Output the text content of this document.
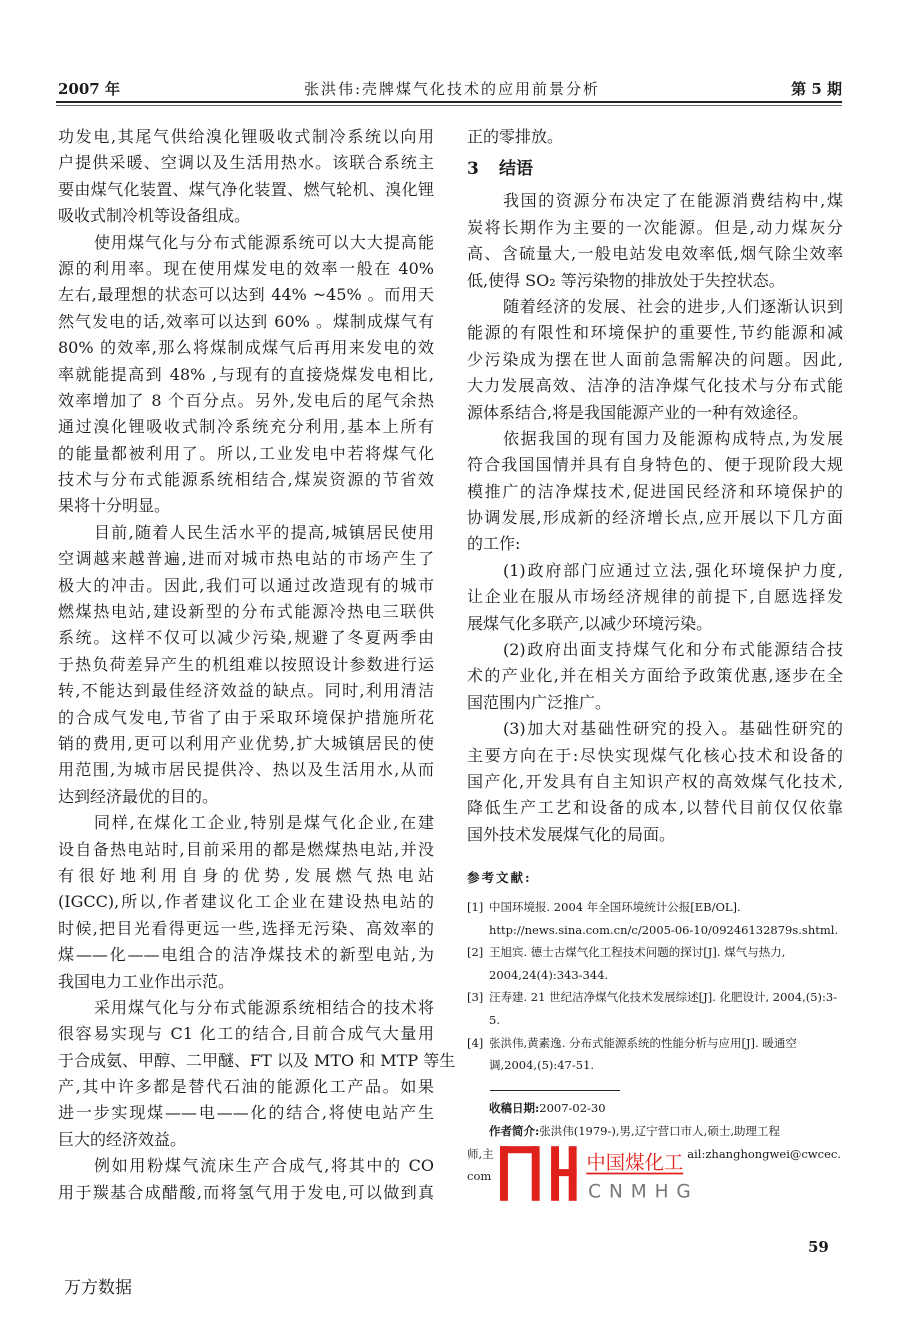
2007 年	张洪伟:壳牌煤气化技术的应用前景分析	第 5 期
功发电,其尾气供给溴化锂吸收式制冷系统以向用
户提供采暖、空调以及生活用热水。该联合系统主
要由煤气化装置、煤气净化装置、燃气轮机、溴化锂
吸收式制冷机等设备组成。
使用煤气化与分布式能源系统可以大大提高能
源的利用率。现在使用煤发电的效率一般在 40%
左右,最理想的状态可以达到 44% ~45% 。而用天
然气发电的话,效率可以达到 60% 。煤制成煤气有
80% 的效率,那么将煤制成煤气后再用来发电的效
率就能提高到 48% ,与现有的直接烧煤发电相比,
效率增加了 8 个百分点。另外,发电后的尾气余热
通过溴化锂吸收式制冷系统充分利用,基本上所有
的能量都被利用了。所以,工业发电中若将煤气化
技术与分布式能源系统相结合,煤炭资源的节省效
果将十分明显。
目前,随着人民生活水平的提高,城镇居民使用
空调越来越普遍,进而对城市热电站的市场产生了
极大的冲击。因此,我们可以通过改造现有的城市
燃煤热电站,建设新型的分布式能源冷热电三联供
系统。这样不仅可以减少污染,规避了冬夏两季由
于热负荷差异产生的机组难以按照设计参数进行运
转,不能达到最佳经济效益的缺点。同时,利用清洁
的合成气发电,节省了由于采取环境保护措施所花
销的费用,更可以利用产业优势,扩大城镇居民的使
用范围,为城市居民提供冷、热以及生活用水,从而
达到经济最优的目的。
同样,在煤化工企业,特别是煤气化企业,在建
设自备热电站时,目前采用的都是燃煤热电站,并没
有很好地利用自身的优势,发展燃气热电站
(IGCC),所以,作者建议化工企业在建设热电站的
时候,把目光看得更远一些,选择无污染、高效率的
煤——化——电组合的洁净煤技术的新型电站,为
我国电力工业作出示范。
采用煤气化与分布式能源系统相结合的技术将
很容易实现与 C1 化工的结合,目前合成气大量用
于合成氨、甲醇、二甲醚、FT 以及 MTO 和 MTP 等生
产,其中许多都是替代石油的能源化工产品。如果
进一步实现煤——电——化的结合,将使电站产生
巨大的经济效益。
例如用粉煤气流床生产合成气,将其中的 CO
用于羰基合成醋酸,而将氢气用于发电,可以做到真
正的零排放。
3 结语
我国的资源分布决定了在能源消费结构中,煤
炭将长期作为主要的一次能源。但是,动力煤灰分
高、含硫量大,一般电站发电效率低,烟气除尘效率
低,使得 SO₂ 等污染物的排放处于失控状态。
随着经济的发展、社会的进步,人们逐渐认识到
能源的有限性和环境保护的重要性,节约能源和减
少污染成为摆在世人面前急需解决的问题。因此,
大力发展高效、洁净的洁净煤气化技术与分布式能
源体系结合,将是我国能源产业的一种有效途径。
依据我国的现有国力及能源构成特点,为发展
符合我国国情并具有自身特色的、便于现阶段大规
模推广的洁净煤技术,促进国民经济和环境保护的
协调发展,形成新的经济增长点,应开展以下几方面
的工作:
(1)政府部门应通过立法,强化环境保护力度,
让企业在服从市场经济规律的前提下,自愿选择发
展煤气化多联产,以减少环境污染。
(2)政府出面支持煤气化和分布式能源结合技
术的产业化,并在相关方面给予政策优惠,逐步在全
国范围内广泛推广。
(3)加大对基础性研究的投入。基础性研究的
主要方向在于:尽快实现煤气化核心技术和设备的
国产化,开发具有自主知识产权的高效煤气化技术,
降低生产工艺和设备的成本,以替代目前仅仅依靠
国外技术发展煤气化的局面。
参考文献:
[1] 中国环境报. 2004 年全国环境统计公报[EB/OL]. http://news.sina.com.cn/c/2005-06-10/09246132879s.shtml.
[2] 王旭宾. 德士古煤气化工程技术问题的探讨[J]. 煤气与热力, 2004,24(4):343-344.
[3] 汪寿建. 21 世纪洁净煤气化技术发展综述[J]. 化肥设计, 2004,(5):3-5.
[4] 张洪伟,黄素逸. 分布式能源系统的性能分析与应用[J]. 暖通空调,2004,(5):47-51.
收稿日期:2007-02-30
作者简介:张洪伟(1979-),男,辽宁营口市人,硕士,助理工程
师,主	ail:zhanghongwei@cwcec.
com
中国煤化工
CNMHG
59
万方数据
